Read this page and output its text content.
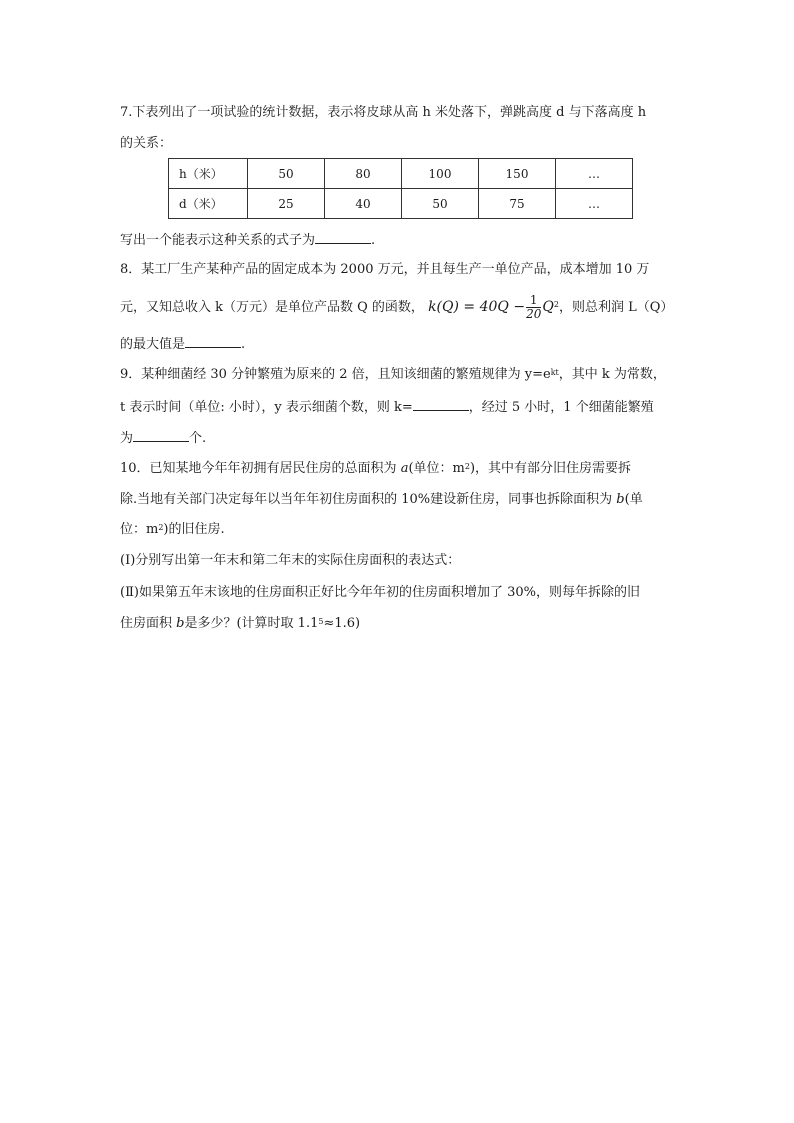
7.下表列出了一项试验的统计数据，表示将皮球从高 h 米处落下，弹跳高度 d 与下落高度 h
的关系：
h（米）	50	80	100	150	…
d（米）	25	40	50	75	…
写出一个能表示这种关系的式子为	.
8．某工厂生产某种产品的固定成本为 2000 万元，并且每生产一单位产品，成本增加 10 万
元，又知总收入 k（万元）是单位产品数 Q 的函数， $k(Q) = 40Q - \frac{1}{20} Q^2$，则总利润 L（Q）
的最大值是	.
9．某种细菌经 30 分钟繁殖为原来的 2 倍，且知该细菌的繁殖规律为 $y=e^{kt}$，其中 k 为常数，
t 表示时间（单位: 小时），y 表示细菌个数，则 k=	，经过 5 小时，1 个细菌能繁殖
为	个.
10．已知某地今年年初拥有居民住房的总面积为 a(单位：$m^2$)，其中有部分旧住房需要拆
除.当地有关部门决定每年以当年年初住房面积的 10%建设新住房，同事也拆除面积为 b(单
位：$m^2$)的旧住房.
(Ⅰ)分别写出第一年末和第二年末的实际住房面积的表达式：
(Ⅱ)如果第五年末该地的住房面积正好比今年年初的住房面积增加了 30%，则每年拆除的旧
住房面积 b是多少？(计算时取 $1.1^5\approx 1.6$)
